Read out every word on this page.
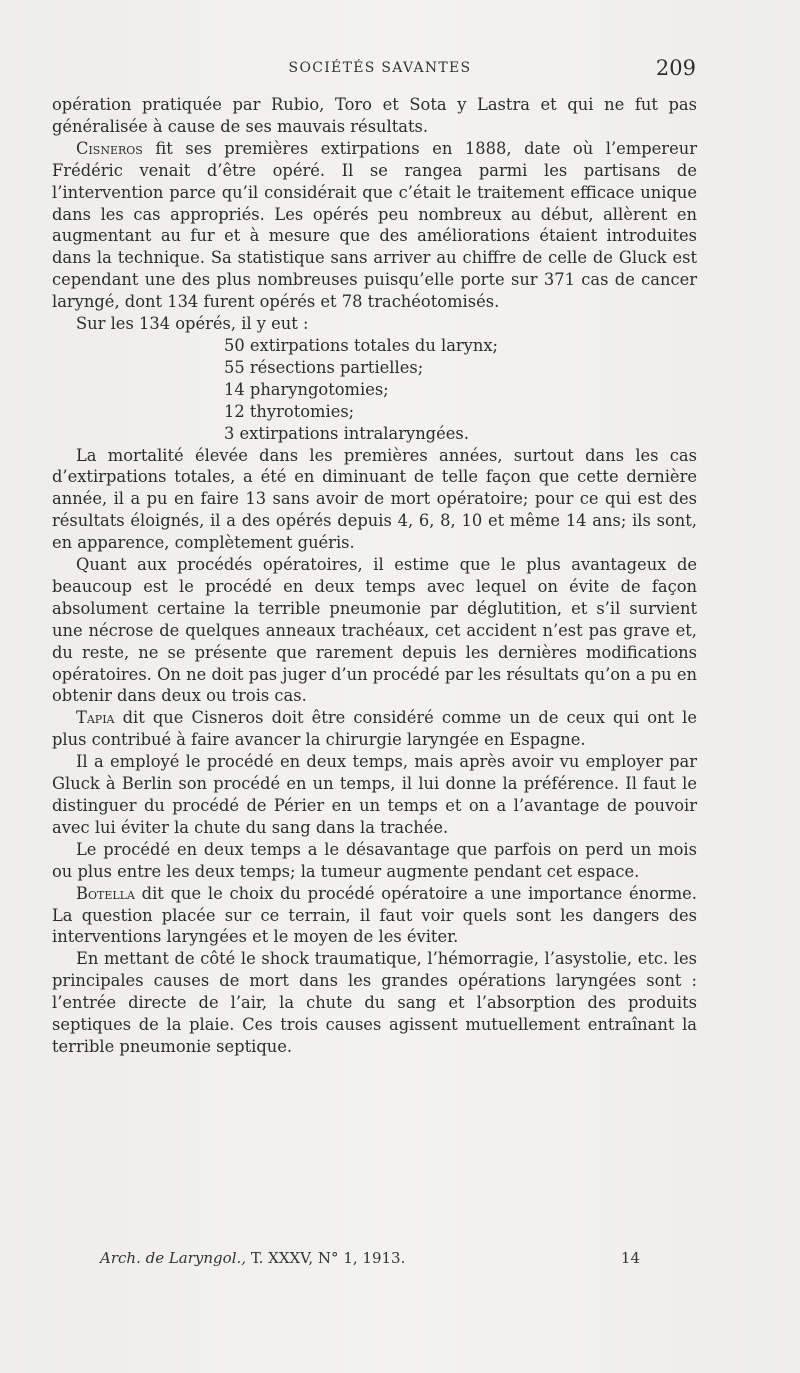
SOCIÉTÉS SAVANTES	209

opération pratiquée par Rubio, Toro et Sota y Lastra et qui ne fut pas généralisée à cause de ses mauvais résultats.

Cisneros fit ses premières extirpations en 1888, date où l’empereur Frédéric venait d’être opéré. Il se rangea parmi les partisans de l’intervention parce qu’il considérait que c’était le traitement efficace unique dans les cas appropriés. Les opérés peu nombreux au début, allèrent en augmentant au fur et à mesure que des améliorations étaient introduites dans la technique. Sa statistique sans arriver au chiffre de celle de Gluck est cependant une des plus nombreuses puisqu’elle porte sur 371 cas de cancer laryngé, dont 134 furent opérés et 78 trachéotomisés.

Sur les 134 opérés, il y eut :

50 extirpations totales du larynx;
55 résections partielles;
14 pharyngotomies;
12 thyrotomies;
3 extirpations intralaryngées.

La mortalité élevée dans les premières années, surtout dans les cas d’extirpations totales, a été en diminuant de telle façon que cette dernière année, il a pu en faire 13 sans avoir de mort opératoire; pour ce qui est des résultats éloignés, il a des opérés depuis 4, 6, 8, 10 et même 14 ans; ils sont, en apparence, complètement guéris.

Quant aux procédés opératoires, il estime que le plus avantageux de beaucoup est le procédé en deux temps avec lequel on évite de façon absolument certaine la terrible pneumonie par déglutition, et s’il survient une nécrose de quelques anneaux trachéaux, cet accident n’est pas grave et, du reste, ne se présente que rarement depuis les dernières modifications opératoires. On ne doit pas juger d’un procédé par les résultats qu’on a pu en obtenir dans deux ou trois cas.

Tapia dit que Cisneros doit être considéré comme un de ceux qui ont le plus contribué à faire avancer la chirurgie laryngée en Espagne.

Il a employé le procédé en deux temps, mais après avoir vu employer par Gluck à Berlin son procédé en un temps, il lui donne la préférence. Il faut le distinguer du procédé de Périer en un temps et on a l’avantage de pouvoir avec lui éviter la chute du sang dans la trachée.

Le procédé en deux temps a le désavantage que parfois on perd un mois ou plus entre les deux temps; la tumeur augmente pendant cet espace.

Botella dit que le choix du procédé opératoire a une importance énorme. La question placée sur ce terrain, il faut voir quels sont les dangers des interventions laryngées et le moyen de les éviter.

En mettant de côté le shock traumatique, l’hémorragie, l’asystolie, etc. les principales causes de mort dans les grandes opérations laryngées sont : l’entrée directe de l’air, la chute du sang et l’absorption des produits septiques de la plaie. Ces trois causes agissent mutuellement entraînant la terrible pneumonie septique.

Arch. de Laryngol., T. XXXV, N° 1, 1913.	14
